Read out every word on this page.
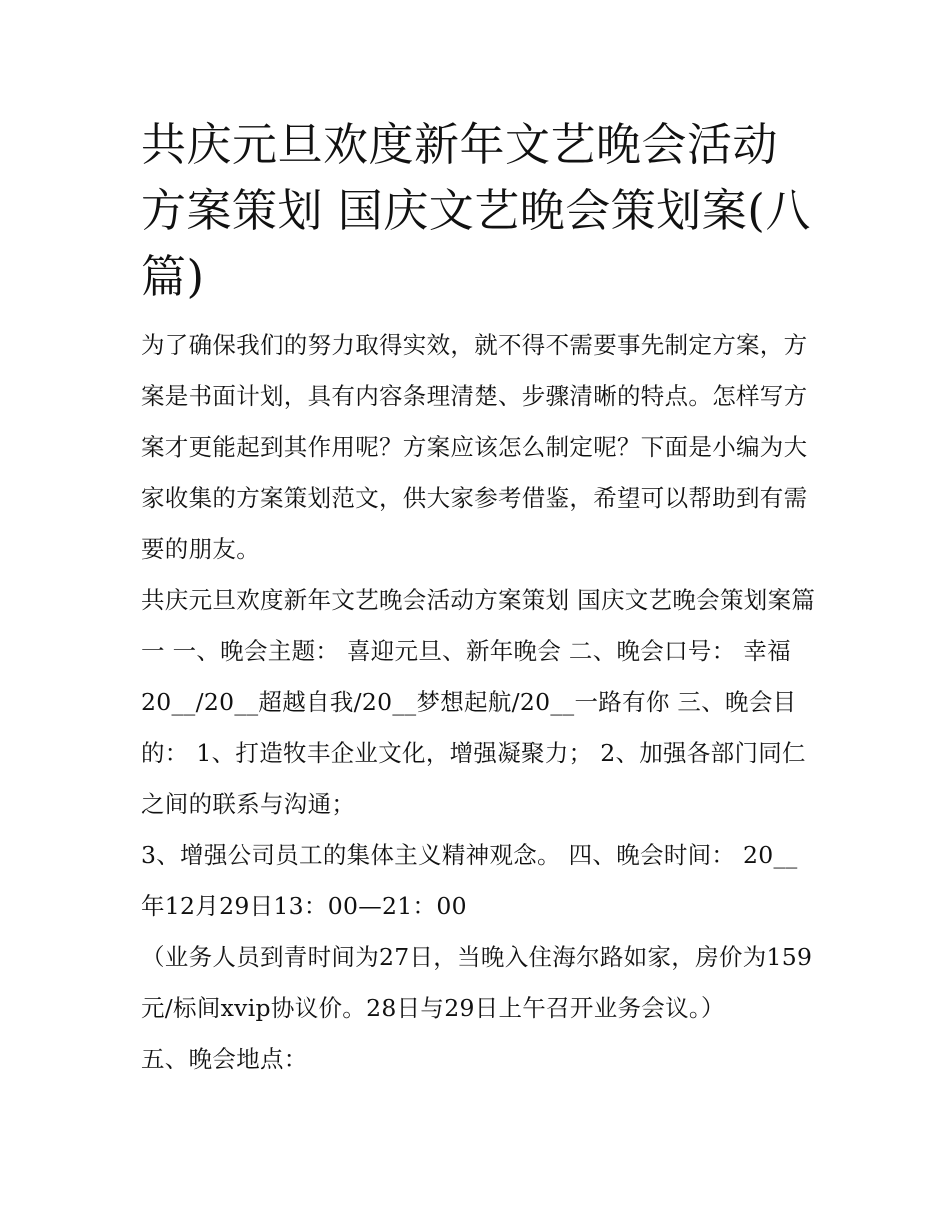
共庆元旦欢度新年文艺晚会活动方案策划 国庆文艺晚会策划案(八篇)

为了确保我们的努力取得实效，就不得不需要事先制定方案，方案是书面计划，具有内容条理清楚、步骤清晰的特点。怎样写方案才更能起到其作用呢？方案应该怎么制定呢？下面是小编为大家收集的方案策划范文，供大家参考借鉴，希望可以帮助到有需要的朋友。

共庆元旦欢度新年文艺晚会活动方案策划 国庆文艺晚会策划案篇一 一、晚会主题： 喜迎元旦、新年晚会 二、晚会口号： 幸福20__/20__超越自我/20__梦想起航/20__一路有你 三、晚会目的： 1、打造牧丰企业文化，增强凝聚力； 2、加强各部门同仁之间的联系与沟通；

3、增强公司员工的集体主义精神观念。 四、晚会时间： 20__年12月29日13：00—21：00

（业务人员到青时间为27日，当晚入住海尔路如家，房价为159元/标间xvip协议价。28日与29日上午召开业务会议。）

五、晚会地点：
